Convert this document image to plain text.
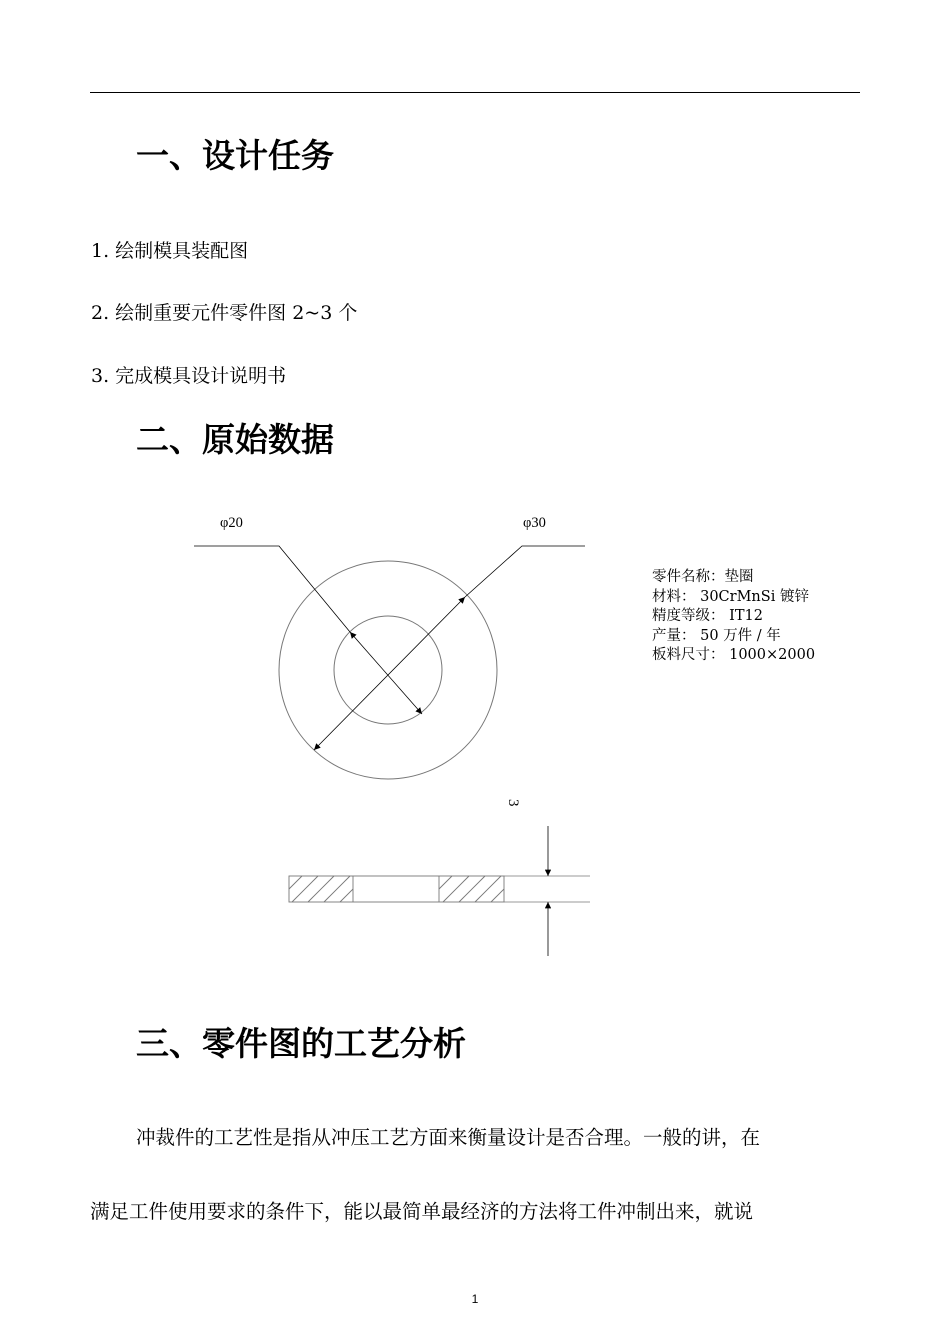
一、设计任务
1. 绘制模具装配图
2. 绘制重要元件零件图 2~3 个
3. 完成模具设计说明书
二、原始数据
φ20	φ30
3
零件名称：垫圈
材料： 30CrMnSi 镀锌
精度等级： IT12
产量： 50 万件 / 年
板料尺寸： 1000×2000
三、零件图的工艺分析
冲裁件的工艺性是指从冲压工艺方面来衡量设计是否合理。一般的讲，在
满足工件使用要求的条件下，能以最简单最经济的方法将工件冲制出来，就说
1
